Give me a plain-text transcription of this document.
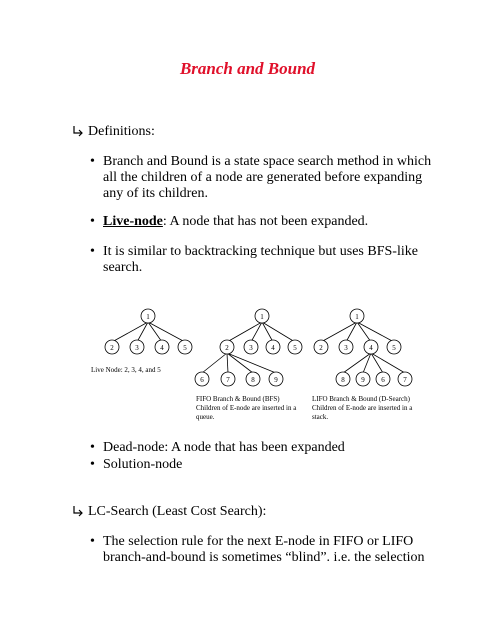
Branch and Bound
Definitions:
• Branch and Bound is a state space search method in which all the children of a node are generated before expanding any of its children.
• Live-node: A node that has not been expanded.
• It is similar to backtracking technique but uses BFS-like search.
1
2	3	4	5
1
2	3	4	5
6	7	8	9
1
2	3	4	5
8 9 6	7
Live Node: 2, 3, 4, and 5
FIFO Branch & Bound (BFS) Children of E-node are inserted in a queue.
LIFO Branch & Bound (D-Search) Children of E-node are inserted in a stack.
• Dead-node: A node that has been expanded
• Solution-node
LC-Search (Least Cost Search):
• The selection rule for the next E-node in FIFO or LIFO branch-and-bound is sometimes “blind”. i.e. the selection
